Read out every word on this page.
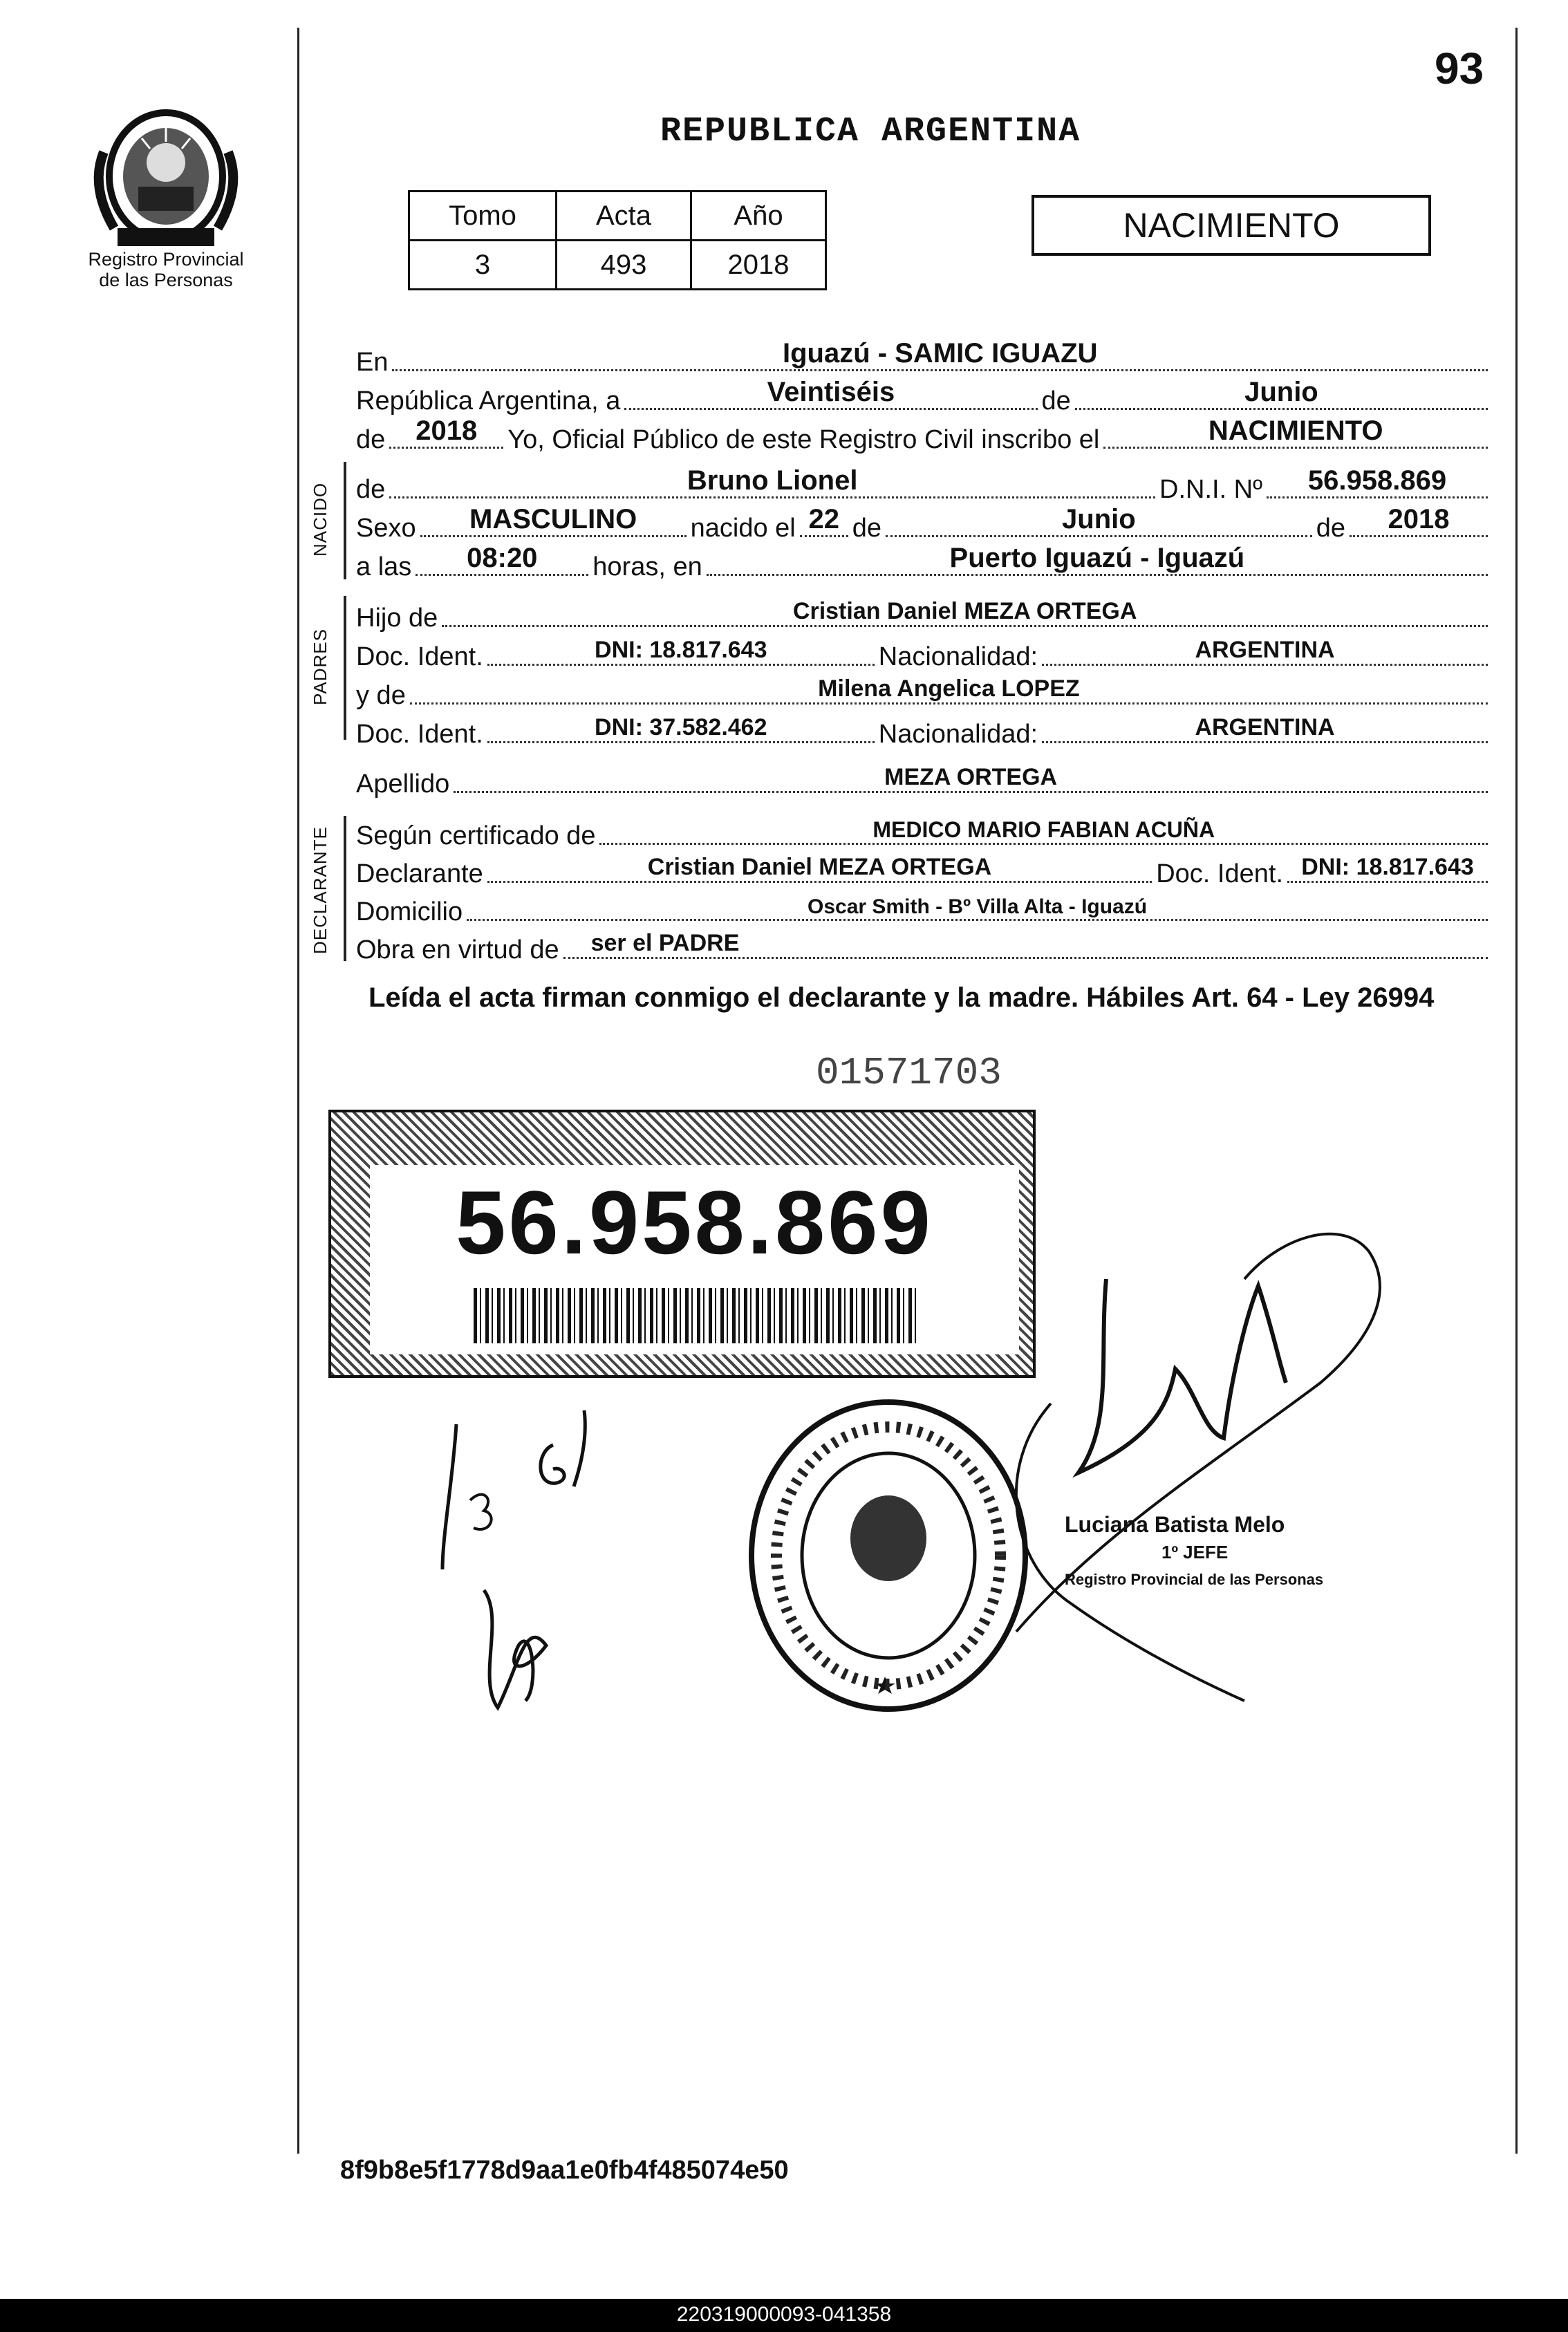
93
Registro Provincial
de las Personas
REPUBLICA ARGENTINA
Tomo	Acta	Año
3	493	2018
NACIMIENTO
En	Iguazú - SAMIC IGUAZU
República Argentina, a	Veintiséis	de	Junio
de	2018	Yo, Oficial Público de este Registro Civil inscribo el	NACIMIENTO
NACIDO de	Bruno Lionel	D.N.I. Nº	56.958.869
Sexo	MASCULINO	nacido el 22 de	Junio	de	2018
a las	08:20	horas, en	Puerto Iguazú - Iguazú
PADRES
Hijo de	Cristian Daniel MEZA ORTEGA
Doc. Ident.	DNI: 18.817.643	Nacionalidad:	ARGENTINA
y de	Milena Angelica LOPEZ
Doc. Ident.	DNI: 37.582.462	Nacionalidad:	ARGENTINA
Apellido	MEZA ORTEGA
DECLARANTE Según certificado de	MEDICO MARIO FABIAN ACUÑA
Declarante	Cristian Daniel MEZA ORTEGA	Doc. Ident. DNI: 18.817.643
Domicilio	Oscar Smith - Bº Villa Alta - Iguazú
Obra en virtud de ser el PADRE
Leída el acta firman conmigo el declarante y la madre. Hábiles Art. 64 - Ley 26994
01571703
56.958.869
Luciana Batista Melo
1º JEFE
Registro Provincial de las Personas
8f9b8e5f1778d9aa1e0fb4f485074e50
220319000093-041358
